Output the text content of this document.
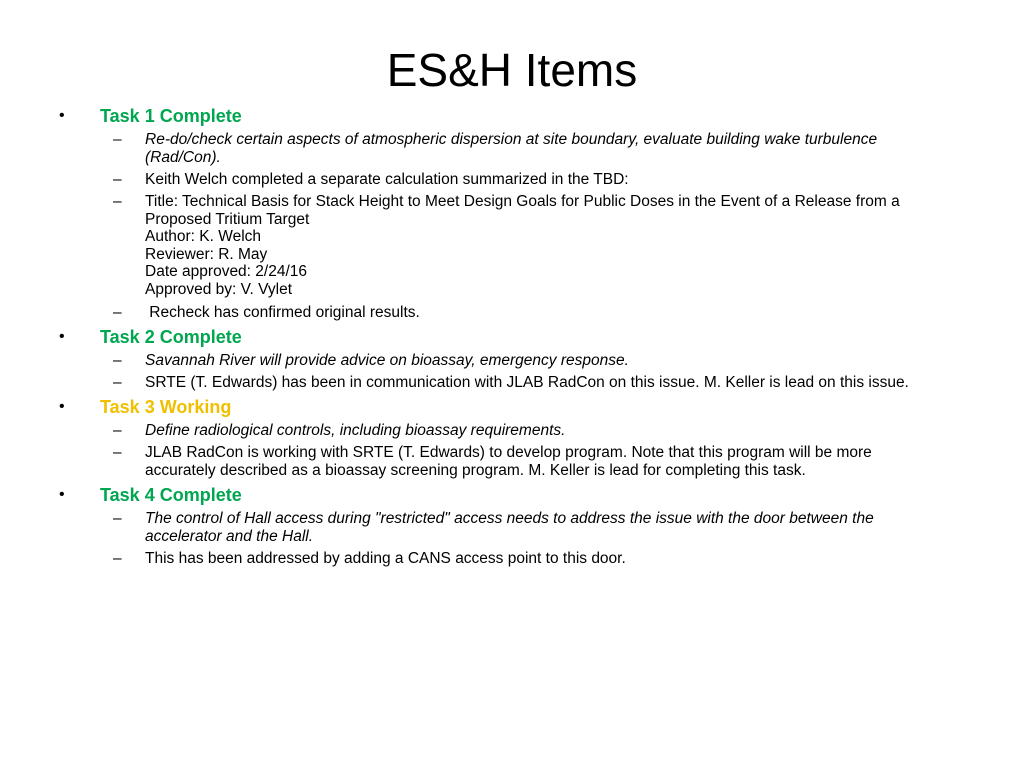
ES&H Items
• Task 1 Complete
– Re-do/check certain aspects of atmospheric dispersion at site boundary, evaluate building wake turbulence
(Rad/Con).
– Keith Welch completed a separate calculation summarized in the TBD:
– Title: Technical Basis for Stack Height to Meet Design Goals for Public Doses in the Event of a Release from a
Proposed Tritium Target
Author: K. Welch
Reviewer: R. May
Date approved: 2/24/16
Approved by: V. Vylet
– Recheck has confirmed original results.
• Task 2 Complete
– Savannah River will provide advice on bioassay, emergency response.
– SRTE (T. Edwards) has been in communication with JLAB RadCon on this issue. M. Keller is lead on this issue.
• Task 3 Working
– Define radiological controls, including bioassay requirements.
– JLAB RadCon is working with SRTE (T. Edwards) to develop program. Note that this program will be more
accurately described as a bioassay screening program. M. Keller is lead for completing this task.
• Task 4 Complete
– The control of Hall access during "restricted" access needs to address the issue with the door between the
accelerator and the Hall.
– This has been addressed by adding a CANS access point to this door.
